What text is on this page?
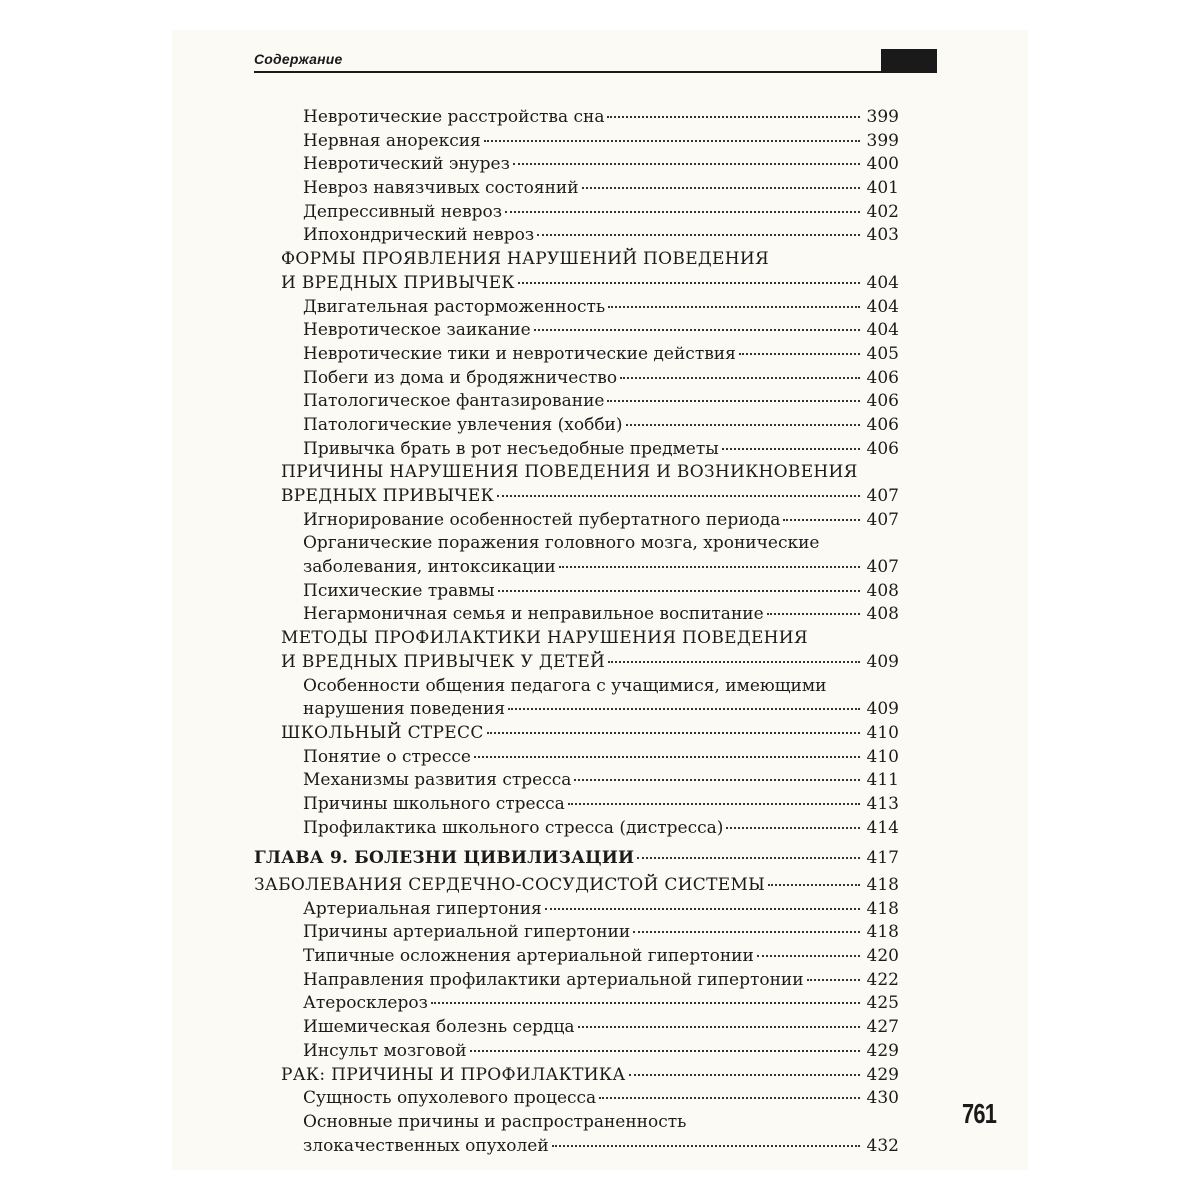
Содержание
Невротические расстройства сна	399
Нервная анорексия	399
Невротический энурез	400
Невроз навязчивых состояний	401
Депрессивный невроз	402
Ипохондрический невроз	403
ФОРМЫ ПРОЯВЛЕНИЯ НАРУШЕНИЙ ПОВЕДЕНИЯ
И ВРЕДНЫХ ПРИВЫЧЕК	404
Двигательная расторможенность	404
Невротическое заикание	404
Невротические тики и невротические действия	405
Побеги из дома и бродяжничество	406
Патологическое фантазирование	406
Патологические увлечения (хобби)	406
Привычка брать в рот несъедобные предметы	406
ПРИЧИНЫ НАРУШЕНИЯ ПОВЕДЕНИЯ И ВОЗНИКНОВЕНИЯ
ВРЕДНЫХ ПРИВЫЧЕК	407
Игнорирование особенностей пубертатного периода	407
Органические поражения головного мозга, хронические
заболевания, интоксикации	407
Психические травмы	408
Негармоничная семья и неправильное воспитание	408
МЕТОДЫ ПРОФИЛАКТИКИ НАРУШЕНИЯ ПОВЕДЕНИЯ
И ВРЕДНЫХ ПРИВЫЧЕК У ДЕТЕЙ	409
Особенности общения педагога с учащимися, имеющими
нарушения поведения	409
ШКОЛЬНЫЙ СТРЕСС	410
Понятие о стрессе	410
Механизмы развития стресса	411
Причины школьного стресса	413
Профилактика школьного стресса (дистресса)	414
ГЛАВА 9. БОЛЕЗНИ ЦИВИЛИЗАЦИИ	417
ЗАБОЛЕВАНИЯ СЕРДЕЧНО-СОСУДИСТОЙ СИСТЕМЫ	418
Артериальная гипертония	418
Причины артериальной гипертонии	418
Типичные осложнения артериальной гипертонии	420
Направления профилактики артериальной гипертонии	422
Атеросклероз	425
Ишемическая болезнь сердца	427
Инсульт мозговой	429
РАК: ПРИЧИНЫ И ПРОФИЛАКТИКА	429
Сущность опухолевого процесса	430
Основные причины и распространенность
злокачественных опухолей	432
761
